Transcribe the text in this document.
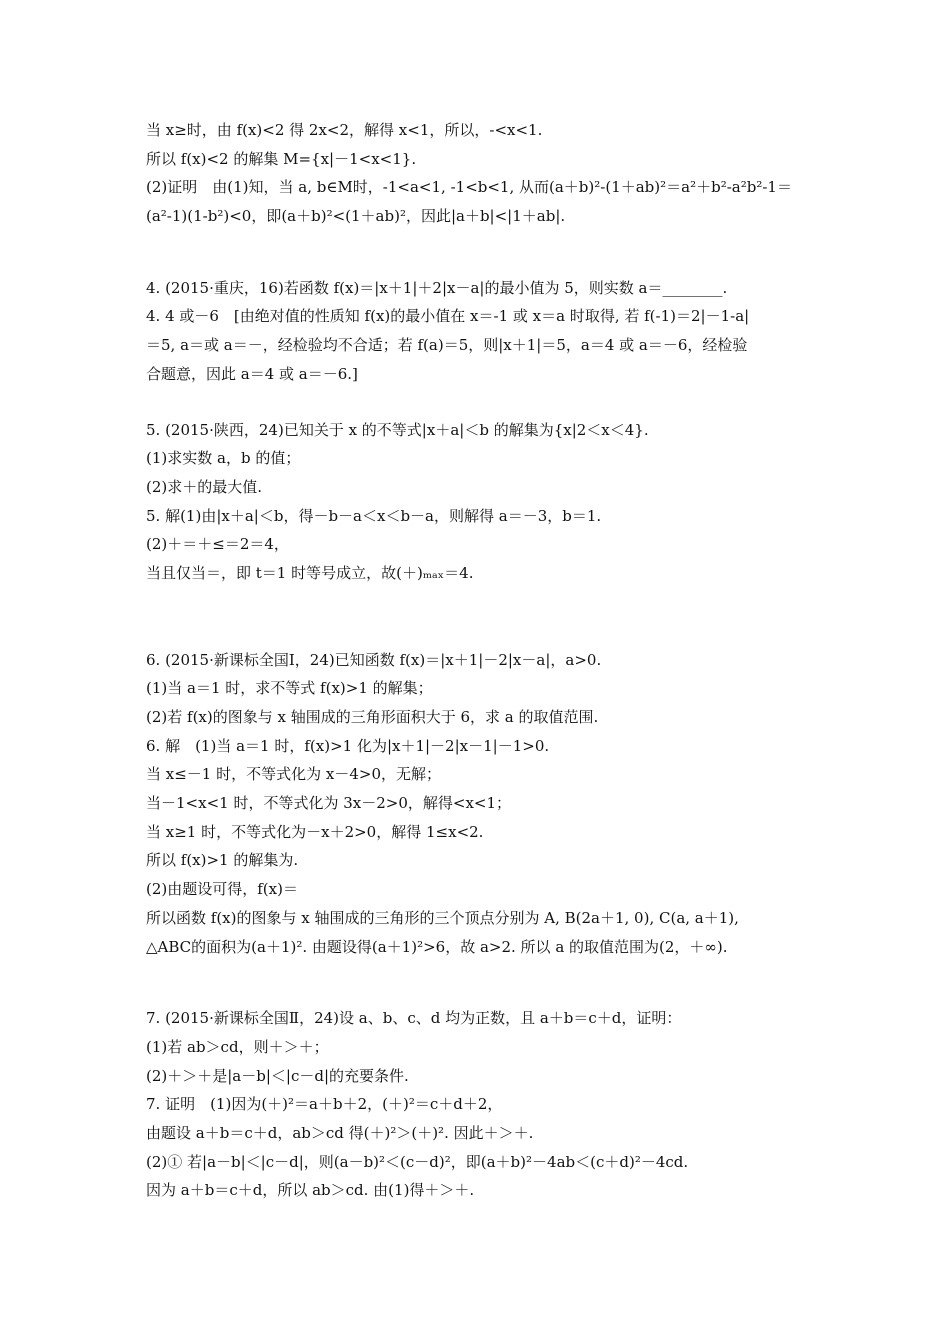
当 x≥时，由 f(x)<2 得 2x<2，解得 x<1，所以，-<x<1.
所以 f(x)<2 的解集 M={x|－1<x<1}.
(2)证明　由(1)知，当 a, b∈M时，-1<a<1, -1<b<1, 从而(a＋b)²-(1＋ab)²＝a²＋b²-a²b²-1＝
(a²-1)(1-b²)<0，即(a＋b)²<(1＋ab)²，因此|a＋b|<|1＋ab|.
4. (2015·重庆，16)若函数 f(x)＝|x＋1|＋2|x－a|的最小值为 5，则实数 a＝________.
4. 4 或－6　[由绝对值的性质知 f(x)的最小值在 x＝-1 或 x＝a 时取得, 若 f(-1)＝2|－1-a|
＝5, a＝或 a＝－，经检验均不合适；若 f(a)＝5，则|x＋1|＝5，a＝4 或 a＝－6，经检验
合题意，因此 a＝4 或 a＝－6.]
5. (2015·陕西，24)已知关于 x 的不等式|x＋a|＜b 的解集为{x|2＜x＜4}.
(1)求实数 a，b 的值；
(2)求＋的最大值.
5. 解(1)由|x＋a|＜b，得－b－a＜x＜b－a，则解得 a＝－3，b＝1.
(2)＋＝＋≤＝2＝4，
当且仅当＝，即 t＝1 时等号成立，故(＋)ₘₐₓ＝4.
6. (2015·新课标全国Ⅰ，24)已知函数 f(x)＝|x＋1|－2|x－a|，a>0.
(1)当 a＝1 时，求不等式 f(x)>1 的解集；
(2)若 f(x)的图象与 x 轴围成的三角形面积大于 6，求 a 的取值范围.
6. 解　(1)当 a＝1 时，f(x)>1 化为|x＋1|－2|x－1|－1>0.
当 x≤－1 时，不等式化为 x－4>0，无解；
当－1<x<1 时，不等式化为 3x－2>0，解得<x<1；
当 x≥1 时，不等式化为－x＋2>0，解得 1≤x<2.
所以 f(x)>1 的解集为.
(2)由题设可得，f(x)＝
所以函数 f(x)的图象与 x 轴围成的三角形的三个顶点分别为 A, B(2a＋1, 0), C(a, a＋1),
△ABC的面积为(a＋1)². 由题设得(a＋1)²>6，故 a>2. 所以 a 的取值范围为(2，＋∞).
7. (2015·新课标全国Ⅱ，24)设 a、b、c、d 均为正数，且 a＋b＝c＋d，证明：
(1)若 ab＞cd，则＋＞＋；
(2)＋＞＋是|a－b|＜|c－d|的充要条件.
7. 证明　(1)因为(＋)²＝a＋b＋2，(＋)²＝c＋d＋2，
由题设 a＋b＝c＋d，ab＞cd 得(＋)²＞(＋)². 因此＋＞＋.
(2)① 若|a－b|＜|c－d|，则(a－b)²＜(c－d)²，即(a＋b)²－4ab＜(c＋d)²－4cd.
因为 a＋b＝c＋d，所以 ab＞cd. 由(1)得＋＞＋.
